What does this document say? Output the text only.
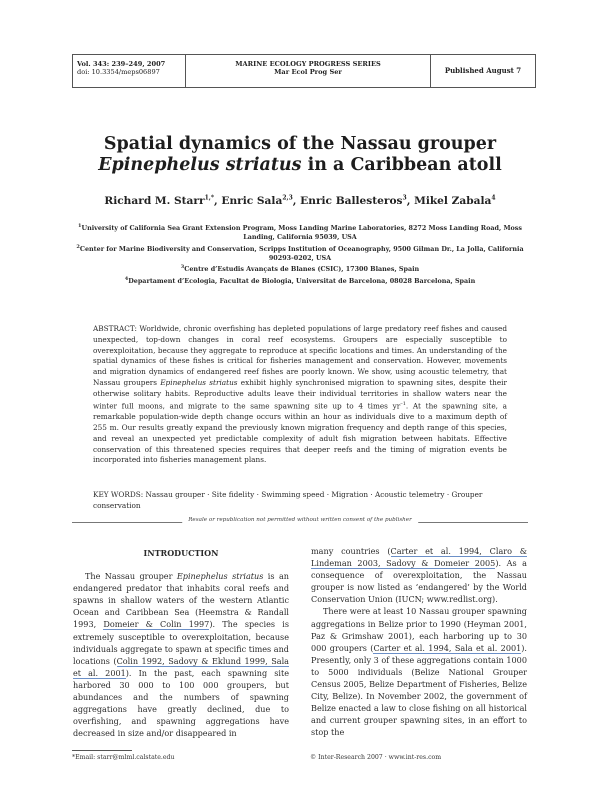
Vol. 343: 239–249, 2007
doi: 10.3354/meps06897
MARINE ECOLOGY PROGRESS SERIES
Mar Ecol Prog Ser	Published August 7
Spatial dynamics of the Nassau grouper
Epinephelus striatus in a Caribbean atoll
Richard M. Starr$^{1,*}$, Enric Sala$^{2,3}$, Enric Ballesteros$^3$, Mikel Zabala$^4$
$^1$University of California Sea Grant Extension Program, Moss Landing Marine Laboratories, 8272 Moss Landing Road, Moss Landing, California 95039, USA
$^2$Center for Marine Biodiversity and Conservation, Scripps Institution of Oceanography, 9500 Gilman Dr., La Jolla, California 90293-0202, USA
$^3$Centre d’Estudis Avançats de Blanes (CSIC), 17300 Blanes, Spain
$^4$Departament d’Ecologia, Facultat de Biologia, Universitat de Barcelona, 08028 Barcelona, Spain
ABSTRACT: Worldwide, chronic overfishing has depleted populations of large predatory reef fishes and caused unexpected, top-down changes in coral reef ecosystems. Groupers are especially susceptible to overexploitation, because they aggregate to reproduce at specific locations and times. An understanding of the spatial dynamics of these fishes is critical for fisheries management and conservation. However, movements and migration dynamics of endangered reef fishes are poorly known. We show, using acoustic telemetry, that Nassau groupers Epinephelus striatus exhibit highly synchronised migration to spawning sites, despite their otherwise solitary habits. Reproductive adults leave their individual territories in shallow waters near the winter full moons, and migrate to the same spawning site up to 4 times $yr^{-1}$. At the spawning site, a remarkable population-wide depth change occurs within an hour as individuals dive to a maximum depth of 255 m. Our results greatly expand the previously known migration frequency and depth range of this species, and reveal an unexpected yet predictable complexity of adult fish migration between habitats. Effective conservation of this threatened species requires that deeper reefs and the timing of migration events be incorporated into fisheries management plans.
KEY WORDS: Nassau grouper · Site fidelity · Swimming speed · Migration · Acoustic telemetry · Grouper conservation
Resale or republication not permitted without written consent of the publisher

INTRODUCTION

The Nassau grouper Epinephelus striatus is an endangered predator that inhabits coral reefs and spawns in shallow waters of the western Atlantic Ocean and Caribbean Sea (Heemstra & Randall 1993, Domeier & Colin 1997). The species is extremely susceptible to overexploitation, because individuals aggregate to spawn at specific times and locations (Colin 1992, Sadovy & Eklund 1999, Sala et al. 2001). In the past, each spawning site harbored 30 000 to 100 000 groupers, but abundances and the numbers of spawning aggregations have greatly declined, due to overfishing, and spawning aggregations have decreased in size and/or disappeared in

many countries (Carter et al. 1994, Claro & Lindeman 2003, Sadovy & Domeier 2005). As a consequence of overexploitation, the Nassau grouper is now listed as ‘endangered’ by the World Conservation Union (IUCN; www.redlist.org).

There were at least 10 Nassau grouper spawning aggregations in Belize prior to 1990 (Heyman 2001, Paz & Grimshaw 2001), each harboring up to 30 000 groupers (Carter et al. 1994, Sala et al. 2001). Presently, only 3 of these aggregations contain 1000 to 5000 individuals (Belize National Grouper Census 2005, Belize Department of Fisheries, Belize City, Belize). In November 2002, the government of Belize enacted a law to close fishing on all historical and current grouper spawning sites, in an effort to stop the

*Email: starr@mlml.calstate.edu	© Inter-Research 2007 · www.int-res.com
